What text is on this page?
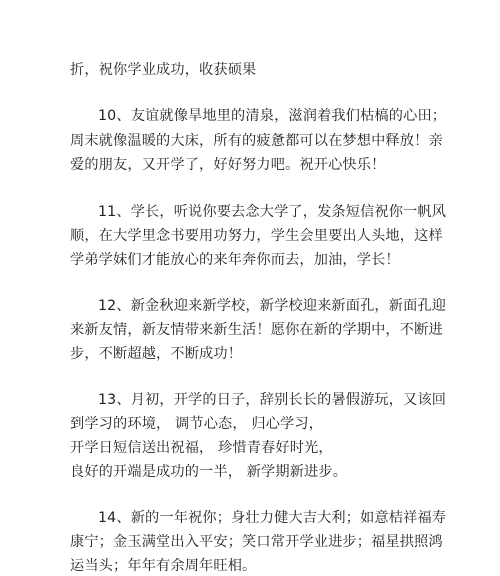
折，祝你学业成功，收获硕果
10、友谊就像旱地里的清泉，滋润着我们枯槁的心田；
周末就像温暖的大床，所有的疲惫都可以在梦想中释放！亲
爱的朋友，又开学了，好好努力吧。祝开心快乐！
11、学长，听说你要去念大学了，发条短信祝你一帆风
顺，在大学里念书要用功努力，学生会里要出人头地，这样
学弟学妹们才能放心的来年奔你而去，加油，学长！
12、新金秋迎来新学校，新学校迎来新面孔，新面孔迎
来新友情，新友情带来新生活！愿你在新的学期中，不断进
步，不断超越，不断成功！
13、月初，开学的日子，辞别长长的暑假游玩，又该回
到学习的环境， 调节心态， 归心学习，
开学日短信送出祝福， 珍惜青春好时光，
良好的开端是成功的一半， 新学期新进步。
14、新的一年祝你；身壮力健大吉大利；如意桔祥福寿
康宁；金玉满堂出入平安；笑口常开学业进步；福星拱照鸿
运当头；年年有余周年旺相。
